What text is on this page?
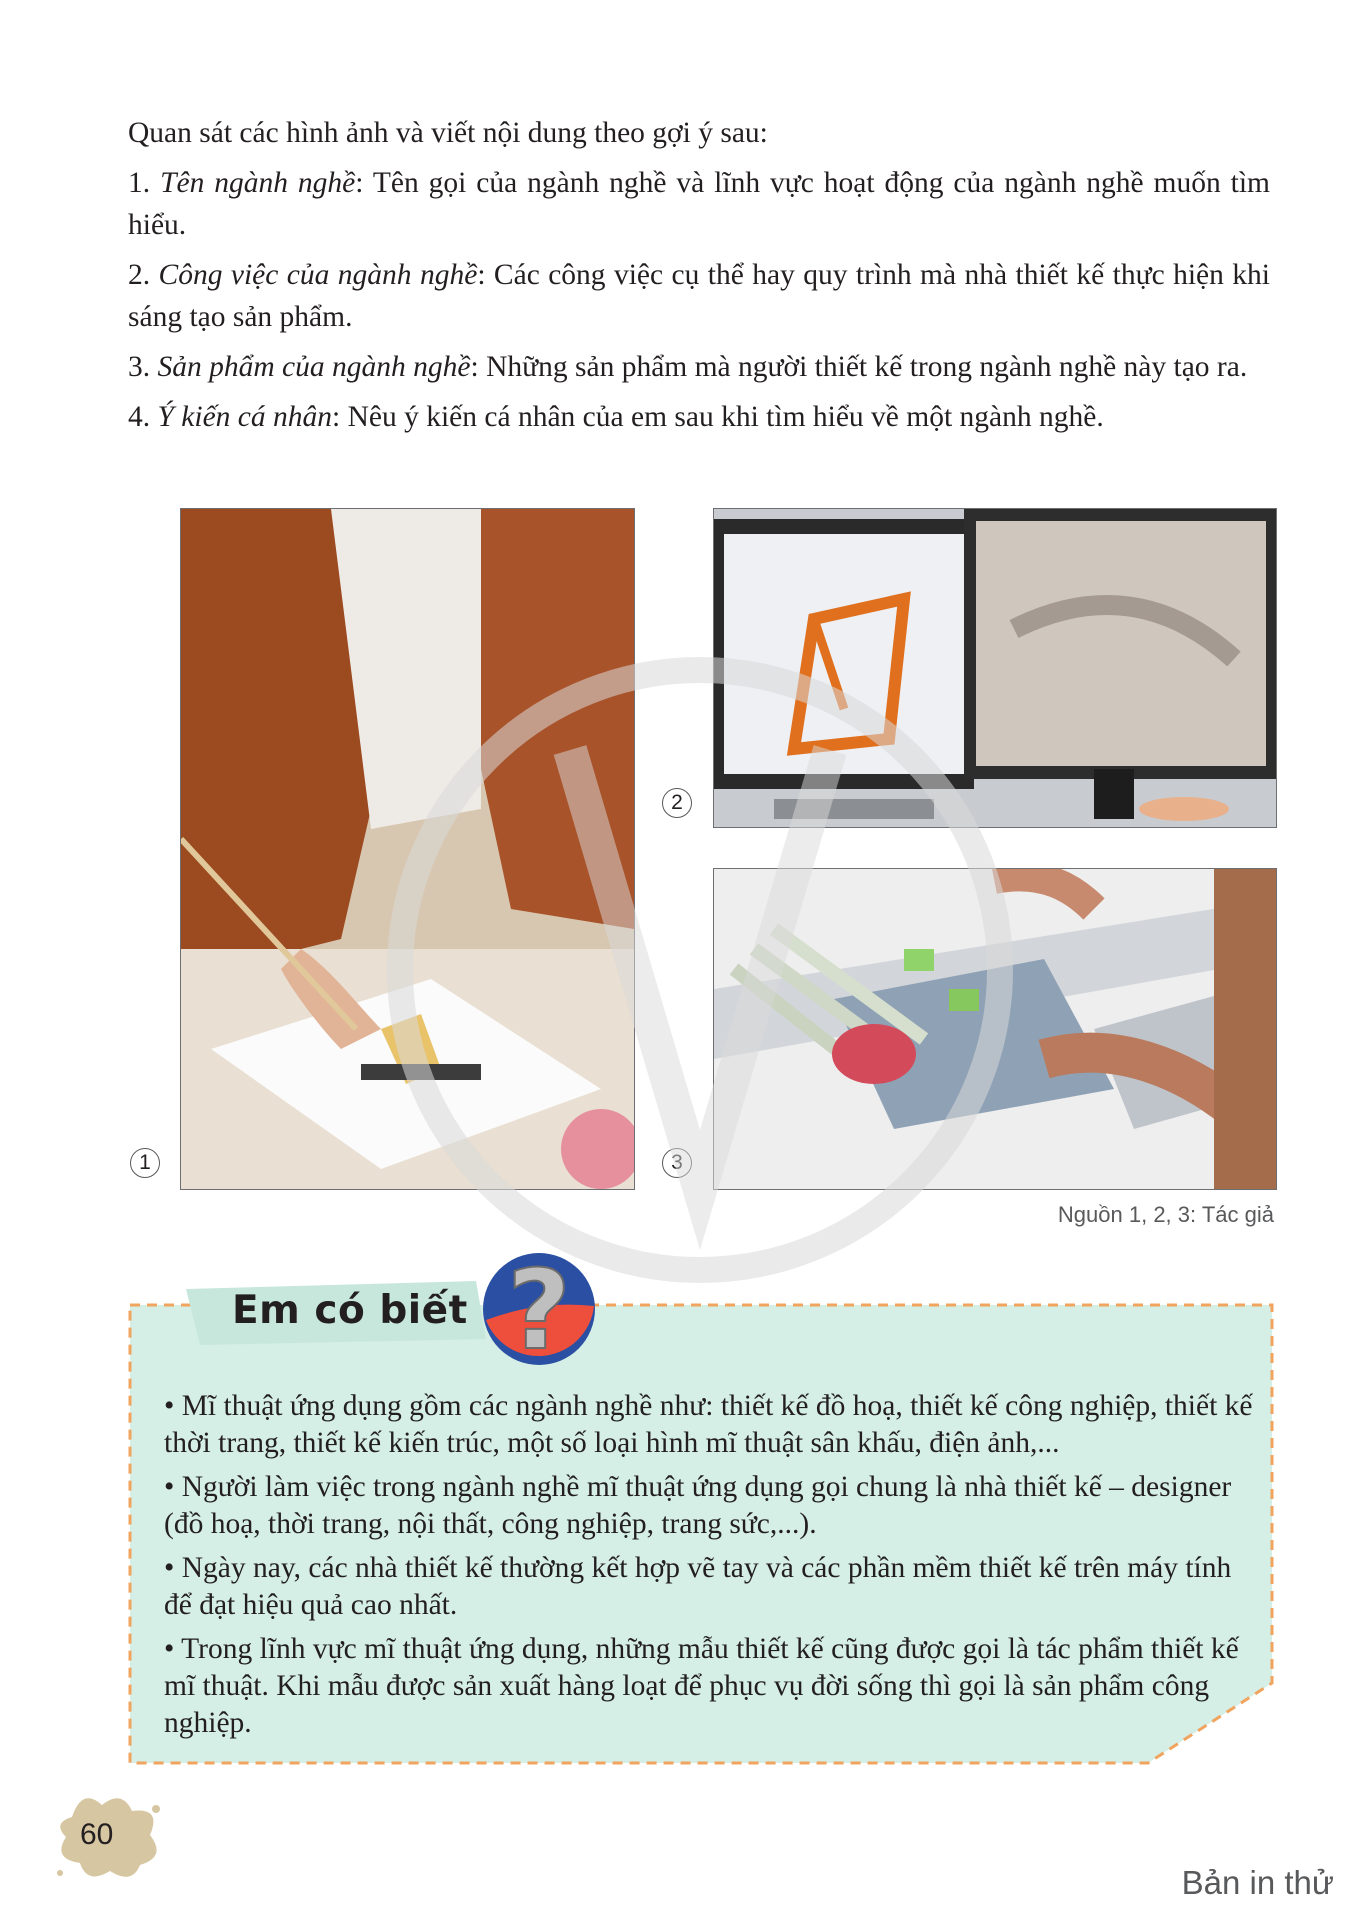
Quan sát các hình ảnh và viết nội dung theo gợi ý sau:

1. Tên ngành nghề: Tên gọi của ngành nghề và lĩnh vực hoạt động của ngành nghề muốn tìm hiểu.

2. Công việc của ngành nghề: Các công việc cụ thể hay quy trình mà nhà thiết kế thực hiện khi sáng tạo sản phẩm.

3. Sản phẩm của ngành nghề: Những sản phẩm mà người thiết kế trong ngành nghề này tạo ra.

4. Ý kiến cá nhân: Nêu ý kiến cá nhân của em sau khi tìm hiểu về một ngành nghề.

1
2
3
Nguồn 1, 2, 3: Tác giả
Em có biết ?

• Mĩ thuật ứng dụng gồm các ngành nghề như: thiết kế đồ hoạ, thiết kế công nghiệp, thiết kế thời trang, thiết kế kiến trúc, một số loại hình mĩ thuật sân khấu, điện ảnh,...

• Người làm việc trong ngành nghề mĩ thuật ứng dụng gọi chung là nhà thiết kế – designer (đồ hoạ, thời trang, nội thất, công nghiệp, trang sức,...).

• Ngày nay, các nhà thiết kế thường kết hợp vẽ tay và các phần mềm thiết kế trên máy tính để đạt hiệu quả cao nhất.

• Trong lĩnh vực mĩ thuật ứng dụng, những mẫu thiết kế cũng được gọi là tác phẩm thiết kế mĩ thuật. Khi mẫu được sản xuất hàng loạt để phục vụ đời sống thì gọi là sản phẩm công nghiệp.

60
Bản in thử
